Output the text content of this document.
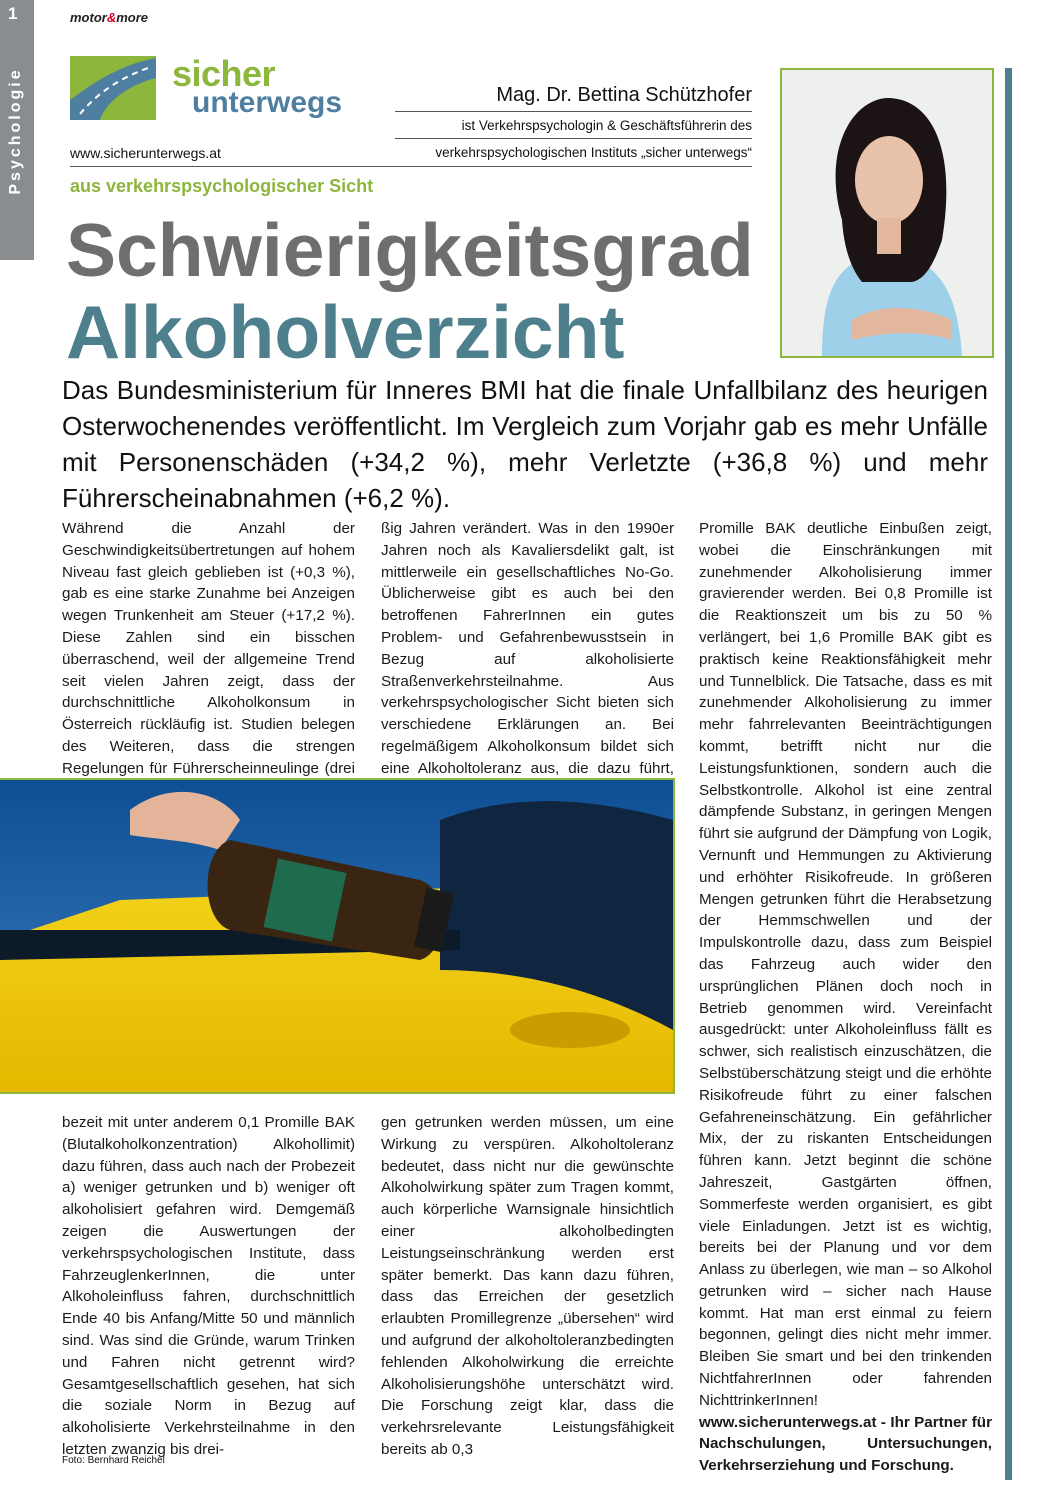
1
Psychologie
motor&more
sicher
unterwegs	Mag. Dr. Bettina Schützhofer
ist Verkehrspsychologin & Geschäftsführerin des
verkehrspsychologischen Instituts „sicher unterwegs“
www.sicherunterwegs.at
aus verkehrspsychologischer Sicht
Schwierigkeitsgrad
Alkoholverzicht
Das Bundesministerium für Inneres BMI hat die finale Unfallbilanz des heurigen Osterwochenendes veröffentlicht. Im Vergleich zum Vorjahr gab es mehr Unfälle mit Personenschäden (+34,2 %), mehr Verletzte (+36,8 %) und mehr Führerscheinabnahmen (+6,2 %).
Während die Anzahl der Geschwindigkeitsübertretungen auf hohem Niveau fast gleich geblieben ist (+0,3 %), gab es eine starke Zunahme bei Anzeigen wegen Trunkenheit am Steuer (+17,2 %). Diese Zahlen sind ein bisschen überraschend, weil der allgemeine Trend seit vielen Jahren zeigt, dass der durchschnittliche Alkoholkonsum in Österreich rückläufig ist. Studien belegen des Weiteren, dass die strengen Regelungen für Führerscheinneulinge (drei
ßig Jahren verändert. Was in den 1990er Jahren noch als Kavaliersdelikt galt, ist mittlerweile ein gesellschaftliches No-Go. Üblicherweise gibt es auch bei den betroffenen FahrerInnen ein gutes Problem- und Gefahrenbewusstsein in Bezug auf alkoholisierte Straßenverkehrsteilnahme. Aus verkehrspsychologischer Sicht bieten sich verschiedene Erklärungen an. Bei regelmäßigem Alkoholkonsum bildet sich eine Alkoholtoleranz aus, die dazu führt,
Promille BAK deutliche Einbußen zeigt, wobei die Einschränkungen mit zunehmender Alkoholisierung immer gravierender werden. Bei 0,8 Promille ist die Reaktionszeit um bis zu 50 % verlängert, bei 1,6 Promille BAK gibt es praktisch keine Reaktionsfähigkeit mehr und Tunnelblick. Die Tatsache, dass es mit zunehmender Alkoholisierung zu immer mehr fahrrelevanten Beeinträchtigungen kommt, betrifft nicht nur die Leistungsfunktionen, sondern auch die Selbstkontrolle. Alkohol ist eine zentral dämpfende Substanz, in geringen Mengen führt sie aufgrund der Dämpfung von Logik, Vernunft und Hemmungen zu Aktivierung und erhöhter Risikofreude. In größeren Mengen getrunken führt die Herabsetzung der Hemmschwellen und der Impulskontrolle dazu, dass zum Beispiel das Fahrzeug auch wider den ursprünglichen Plänen doch noch in Betrieb genommen wird. Vereinfacht ausgedrückt: unter Alkoholeinfluss fällt es schwer, sich realistisch einzuschätzen, die Selbstüberschätzung steigt und die erhöhte Risikofreude führt zu einer falschen Gefahreneinschätzung. Ein gefährlicher Mix, der zu riskanten Entscheidungen führen kann. Jetzt beginnt die schöne Jahreszeit, Gastgärten öffnen, Sommerfeste werden organisiert, es gibt viele Einladungen. Jetzt ist es wichtig, bereits bei der Planung und vor dem Anlass zu überlegen, wie man – so Alkohol getrunken wird – sicher nach Hause kommt. Hat man erst einmal zu feiern begonnen, gelingt dies nicht mehr immer. Bleiben Sie smart und bei den trinkenden NichtfahrerInnen oder fahrenden NichttrinkerInnen! www.sicherunterwegs.at - Ihr Partner für Nachschulungen, Untersuchungen, Verkehrserziehung und Forschung.
bezeit mit unter anderem 0,1 Promille BAK (Blutalkoholkonzentration) Alkohollimit) dazu führen, dass auch nach der Probezeit a) weniger getrunken und b) weniger oft alkoholisiert gefahren wird. Demgemäß zeigen die Auswertungen der verkehrspsychologischen Institute, dass FahrzeuglenkerInnen, die unter Alkoholeinfluss fahren, durchschnittlich Ende 40 bis Anfang/Mitte 50 und männlich sind. Was sind die Gründe, warum Trinken und Fahren nicht getrennt wird? Gesamtgesellschaftlich gesehen, hat sich die soziale Norm in Bezug auf alkoholisierte Verkehrsteilnahme in den letzten zwanzig bis drei-
gen getrunken werden müssen, um eine Wirkung zu verspüren. Alkoholtoleranz bedeutet, dass nicht nur die gewünschte Alkoholwirkung später zum Tragen kommt, auch körperliche Warnsignale hinsichtlich einer alkoholbedingten Leistungseinschränkung werden erst später bemerkt. Das kann dazu führen, dass das Erreichen der gesetzlich erlaubten Promillegrenze „übersehen“ wird und aufgrund der alkoholtoleranzbedingten fehlenden Alkoholwirkung die erreichte Alkoholisierungshöhe unterschätzt wird. Die Forschung zeigt klar, dass die verkehrsrelevante Leistungsfähigkeit bereits ab 0,3
Foto: Bernhard Reichel
